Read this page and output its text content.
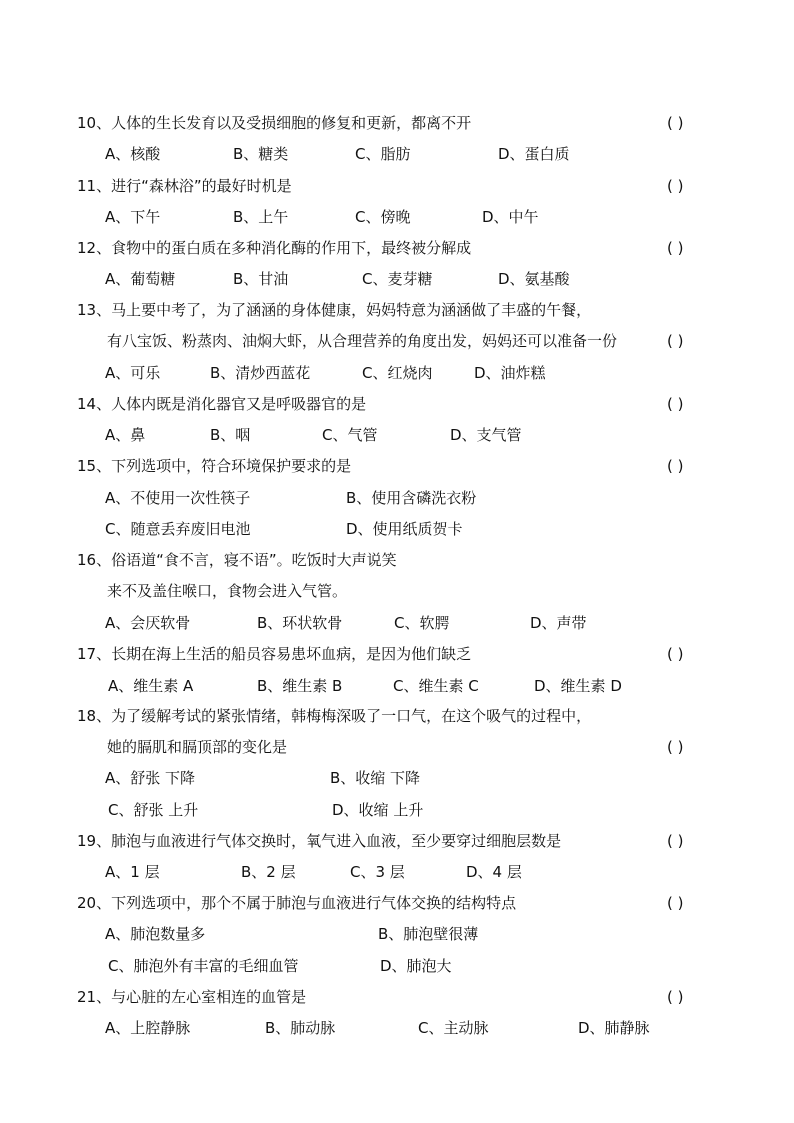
10、人体的生长发育以及受损细胞的修复和更新，都离不开	( )
A、核酸	B、糖类	C、脂肪	D、蛋白质
11、进行“森林浴”的最好时机是	( )
A、下午	B、上午	C、傍晚	D、中午
12、食物中的蛋白质在多种消化酶的作用下，最终被分解成	( )
A、葡萄糖	B、甘油	C、麦芽糖	D、氨基酸
13、马上要中考了，为了涵涵的身体健康，妈妈特意为涵涵做了丰盛的午餐，
有八宝饭、粉蒸肉、油焖大虾，从合理营养的角度出发，妈妈还可以准备一份	( )
A、可乐	B、清炒西蓝花	C、红烧肉	D、油炸糕
14、人体内既是消化器官又是呼吸器官的是	( )
A、鼻	B、咽	C、气管	D、支气管
15、下列选项中，符合环境保护要求的是	( )
A、不使用一次性筷子	B、使用含磷洗衣粉
C、随意丢弃废旧电池	D、使用纸质贺卡
16、俗语道“食不言，寝不语”。吃饭时大声说笑
来不及盖住喉口，食物会进入气管。
A、会厌软骨	B、环状软骨	C、软腭	D、声带
17、长期在海上生活的船员容易患坏血病，是因为他们缺乏	( )
A、维生素 A	B、维生素 B	C、维生素 C	D、维生素 D
18、为了缓解考试的紧张情绪，韩梅梅深吸了一口气，在这个吸气的过程中，
她的膈肌和膈顶部的变化是	( )
A、舒张 下降	B、收缩 下降
C、舒张 上升	D、收缩 上升
19、肺泡与血液进行气体交换时，氧气进入血液，至少要穿过细胞层数是	( )
A、1 层	B、2 层	C、3 层	D、4 层
20、下列选项中，那个不属于肺泡与血液进行气体交换的结构特点	( )
A、肺泡数量多	B、肺泡壁很薄
C、肺泡外有丰富的毛细血管	D、肺泡大
21、与心脏的左心室相连的血管是	( )
A、上腔静脉	B、肺动脉	C、主动脉	D、肺静脉
